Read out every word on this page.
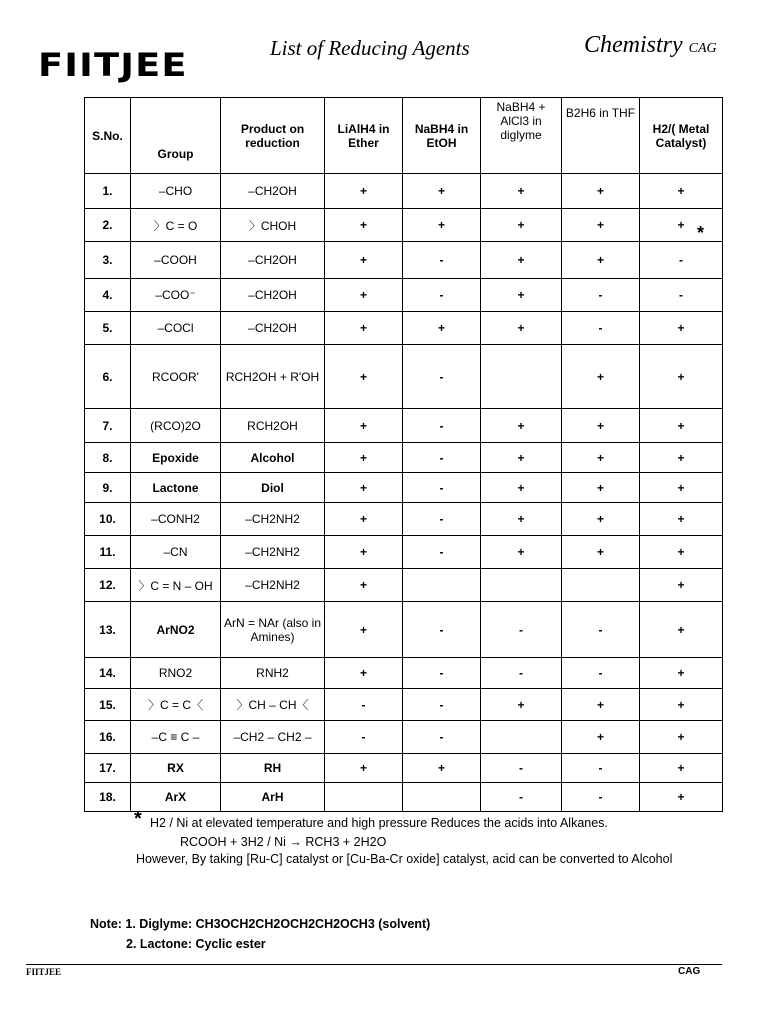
FIITJEE	List of Reducing Agents	Chemistry CAG
S.No.	Group	Product on reduction	LiAlH4 in Ether	NaBH4 in EtOH	NaBH4 + AlCl3 in diglyme	B2H6 in THF	H2/( Metal Catalyst)
1.	–CHO	–CH2OH	+	+	+	+	+
2.	〉C = O	〉CHOH	+	+	+	+	+
3.	–COOH	–CH2OH	+	-	+	+	-
4.	–COO⁻	–CH2OH	+	-	+	-	-
5.	–COCl	–CH2OH	+	+	+	-	+
6.	RCOOR'	RCH2OH + R'OH	+	-		+	+
7.	(RCO)2O	RCH2OH	+	-	+	+	+
8.	Epoxide	Alcohol	+	-	+	+	+
9.	Lactone	Diol	+	-	+	+	+
10.	–CONH2	–CH2NH2	+	-	+	+	+
11.	–CN	–CH2NH2	+	-	+	+	+
12.	〉C = N – OH	–CH2NH2	+				+
13.	ArNO2	ArN = NAr (also in Amines)	+	-	-	-	+
14.	RNO2	RNH2	+	-	-	-	+
15.	〉C = C〈	〉CH – CH〈	-	-	+	+	+
16.	–C ≡ C –	–CH2 – CH2 –	-	-		+	+
17.	RX	RH	+	+	-	-	+
18.	ArX	ArH			-	-	+
*
* H2 / Ni at elevated temperature and high pressure Reduces the acids into Alkanes.
RCOOH + 3H2 / Ni → RCH3 + 2H2O
However, By taking [Ru-C] catalyst or [Cu-Ba-Cr oxide] catalyst, acid can be converted to Alcohol
Note: 1. Diglyme: CH3OCH2CH2OCH2CH2OCH3 (solvent)
2. Lactone: Cyclic ester
FIITJEE	CAG
